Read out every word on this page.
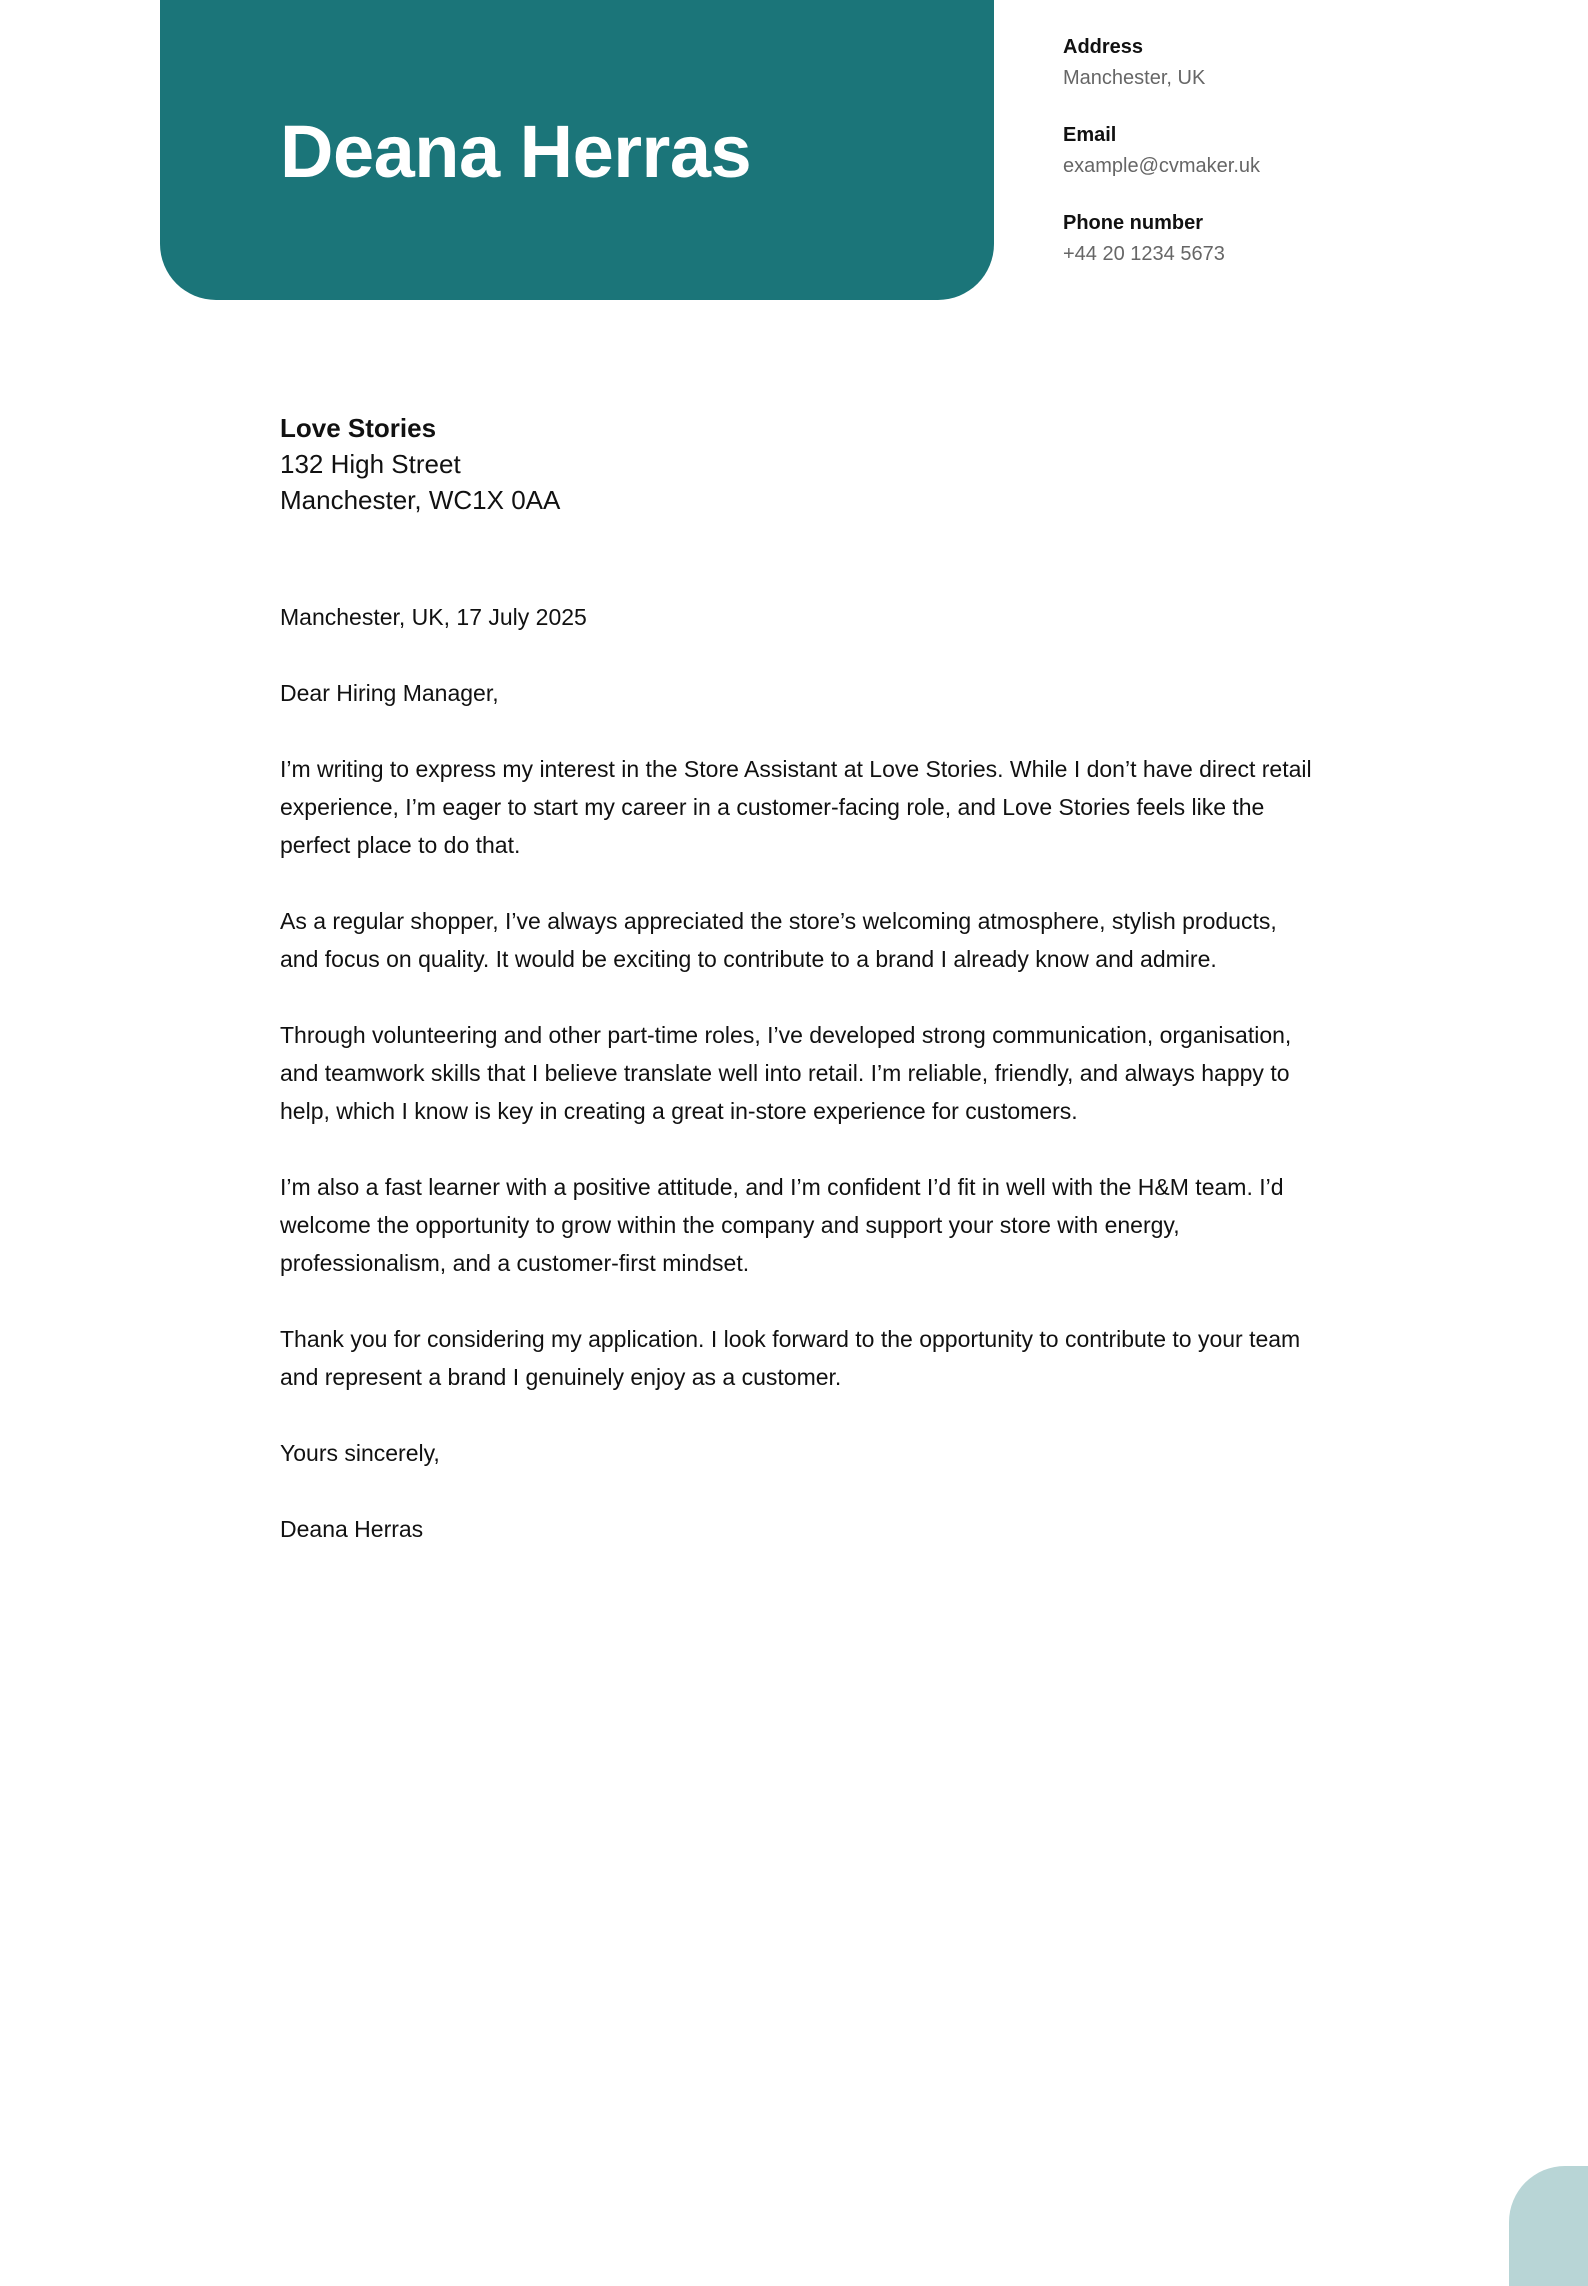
Deana Herras
Address
Manchester, UK
Email
example@cvmaker.uk
Phone number
+44 20 1234 5673
Love Stories
132 High Street
Manchester, WC1X 0AA

Manchester, UK, 17 July 2025

Dear Hiring Manager,

I’m writing to express my interest in the Store Assistant at Love Stories. While I don’t have direct retail experience, I’m eager to start my career in a customer-facing role, and Love Stories feels like the perfect place to do that.

As a regular shopper, I’ve always appreciated the store’s welcoming atmosphere, stylish products, and focus on quality. It would be exciting to contribute to a brand I already know and admire.

Through volunteering and other part-time roles, I’ve developed strong communication, organisation, and teamwork skills that I believe translate well into retail. I’m reliable, friendly, and always happy to help, which I know is key in creating a great in-store experience for customers.

I’m also a fast learner with a positive attitude, and I’m confident I’d fit in well with the H&M team. I’d welcome the opportunity to grow within the company and support your store with energy, professionalism, and a customer-first mindset.

Thank you for considering my application. I look forward to the opportunity to contribute to your team and represent a brand I genuinely enjoy as a customer.

Yours sincerely,

Deana Herras
